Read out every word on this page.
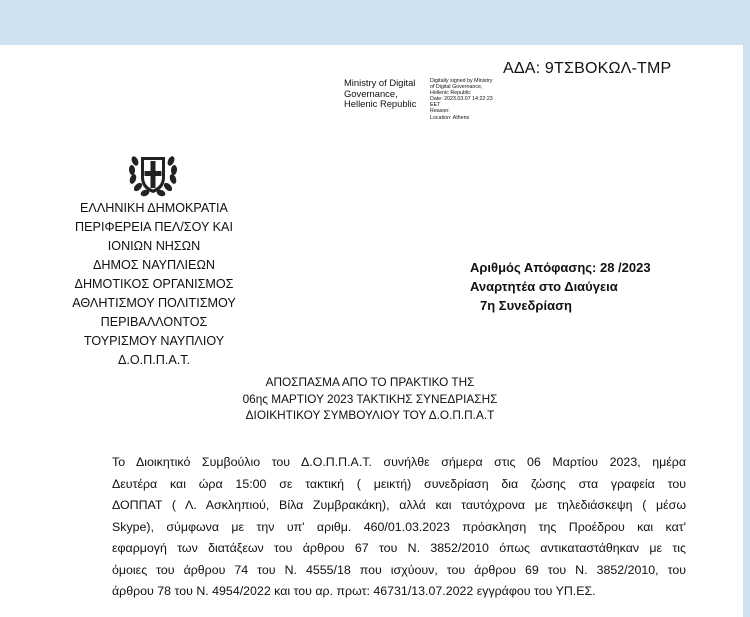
ΑΔΑ: 9ΤΣΒΟΚΩΛ-ΤΜΡ
Ministry of Digital
Governance,
Hellenic Republic
Digitally signed by Ministry
of Digital Governance,
Hellenic Republic
Date: 2023.03.07 14:22:23
EET
Reason:
Location: Athens
ΕΛΛΗΝΙΚΗ ΔΗΜΟΚΡΑΤΙΑ
ΠΕΡΙΦΕΡΕΙΑ ΠΕΛ/ΣΟΥ ΚΑΙ
ΙΟΝΙΩΝ ΝΗΣΩΝ
ΔΗΜΟΣ ΝΑΥΠΛΙΕΩΝ
ΔΗΜΟΤΙΚΟΣ ΟΡΓΑΝΙΣΜΟΣ
ΑΘΛΗΤΙΣΜΟΥ ΠΟΛΙΤΙΣΜΟΥ
ΠΕΡΙΒΑΛΛΟΝΤΟΣ
ΤΟΥΡΙΣΜΟΥ ΝΑΥΠΛΙΟΥ
Δ.Ο.Π.Π.Α.Τ.
Αριθμός Απόφασης: 28 /2023
Αναρτητέα στο Διαύγεια
7η Συνεδρίαση
ΑΠΟΣΠΑΣΜΑ ΑΠΟ ΤΟ ΠΡΑΚΤΙΚΟ ΤΗΣ
06ης ΜΑΡΤΙΟΥ 2023 ΤΑΚΤΙΚΗΣ ΣΥΝΕΔΡΙΑΣΗΣ
ΔΙΟΙΚΗΤΙΚΟΥ ΣΥΜΒΟΥΛΙΟΥ ΤΟΥ Δ.Ο.Π.Π.Α.Τ
Το Διοικητικό Συμβούλιο του Δ.Ο.Π.Π.Α.Τ. συνήλθε σήμερα στις 06 Μαρτίου 2023, ημέρα
Δευτέρα και ώρα 15:00 σε τακτική ( μεικτή) συνεδρίαση δια ζώσης στα γραφεία του
ΔΟΠΠΑΤ ( Λ. Ασκληπιού, Βίλα Ζυμβρακάκη), αλλά και ταυτόχρονα με τηλεδιάσκεψη ( μέσω
Skype), σύμφωνα με την υπ' αριθμ. 460/01.03.2023 πρόσκληση της Προέδρου και κατ'
εφαρμογή των διατάξεων του άρθρου 67 του Ν. 3852/2010 όπως αντικαταστάθηκαν με τις
όμοιες του άρθρου 74 του Ν. 4555/18 που ισχύουν, του άρθρου 69 του Ν. 3852/2010, του
άρθρου 78 του Ν. 4954/2022 και του αρ. πρωτ: 46731/13.07.2022 εγγράφου του ΥΠ.ΕΣ.
